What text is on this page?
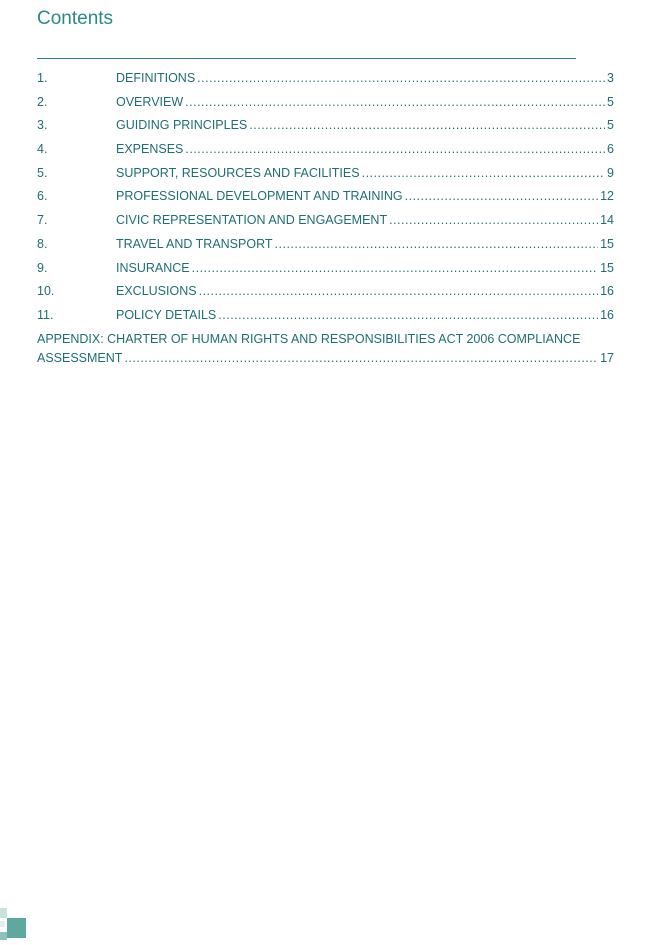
Contents
1.	DEFINITIONS .....	3
2.	OVERVIEW .....	5
3.	GUIDING PRINCIPLES .....	5
4.	EXPENSES .....	6
5.	SUPPORT, RESOURCES AND FACILITIES .....	9
6.	PROFESSIONAL DEVELOPMENT AND TRAINING .....	12
7.	CIVIC REPRESENTATION AND ENGAGEMENT .....	14
8.	TRAVEL AND TRANSPORT .....	15
9.	INSURANCE .....	15
10.	EXCLUSIONS .....	16
11.	POLICY DETAILS .....	16
APPENDIX: CHARTER OF HUMAN RIGHTS AND RESPONSIBILITIES ACT 2006 COMPLIANCE
ASSESSMENT .....	17
